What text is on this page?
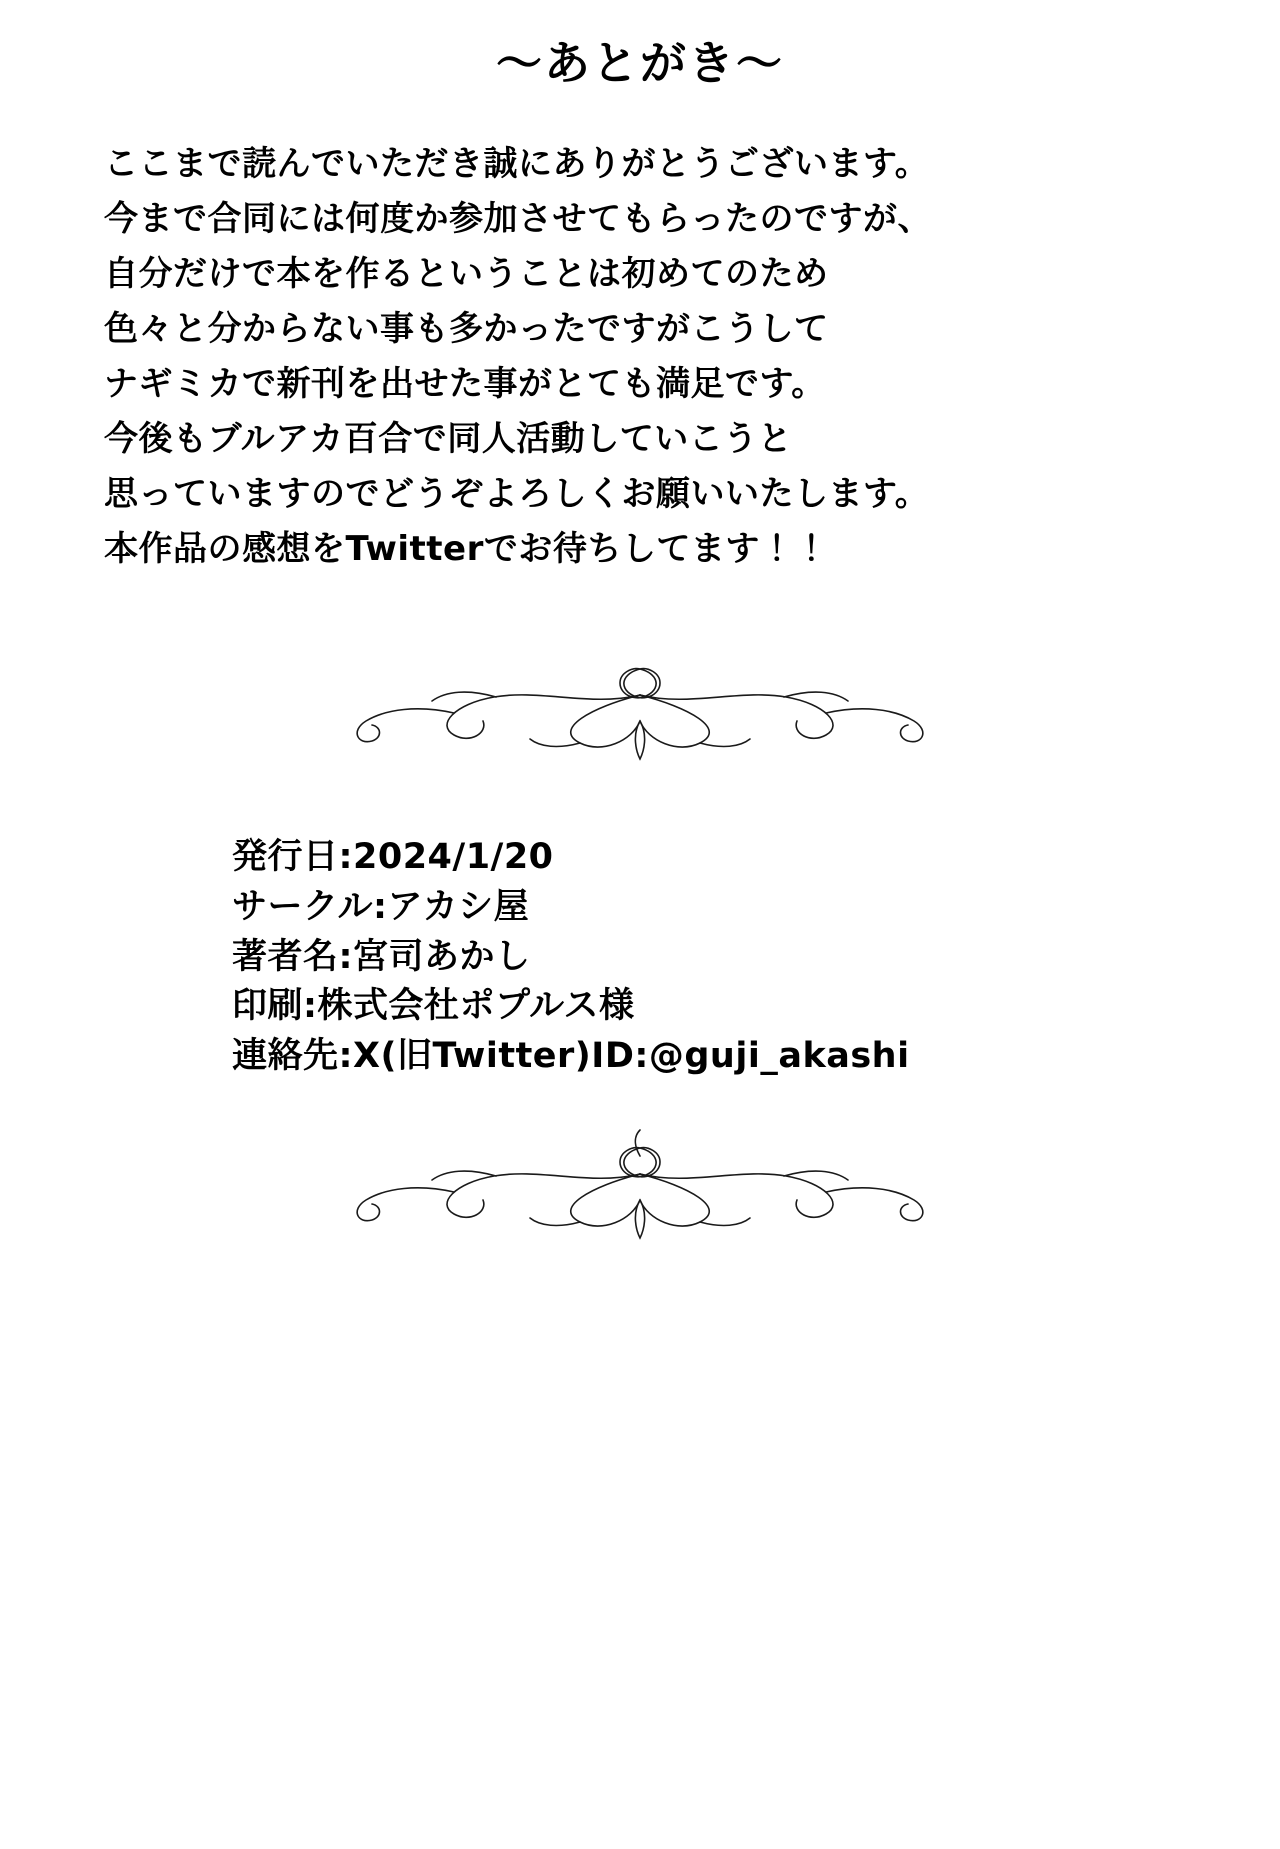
〜あとがき〜
ここまで読んでいただき誠にありがとうございます。
今まで合同には何度か参加させてもらったのですが、
自分だけで本を作るということは初めてのため
色々と分からない事も多かったですがこうして
ナギミカで新刊を出せた事がとても満足です。
今後もブルアカ百合で同人活動していこうと
思っていますのでどうぞよろしくお願いいたします。
本作品の感想をTwitterでお待ちしてます！！
発行日:2024/1/20
サークル:アカシ屋
著者名:宮司あかし
印刷:株式会社ポプルス様
連絡先:X(旧Twitter)ID:@guji_akashi
